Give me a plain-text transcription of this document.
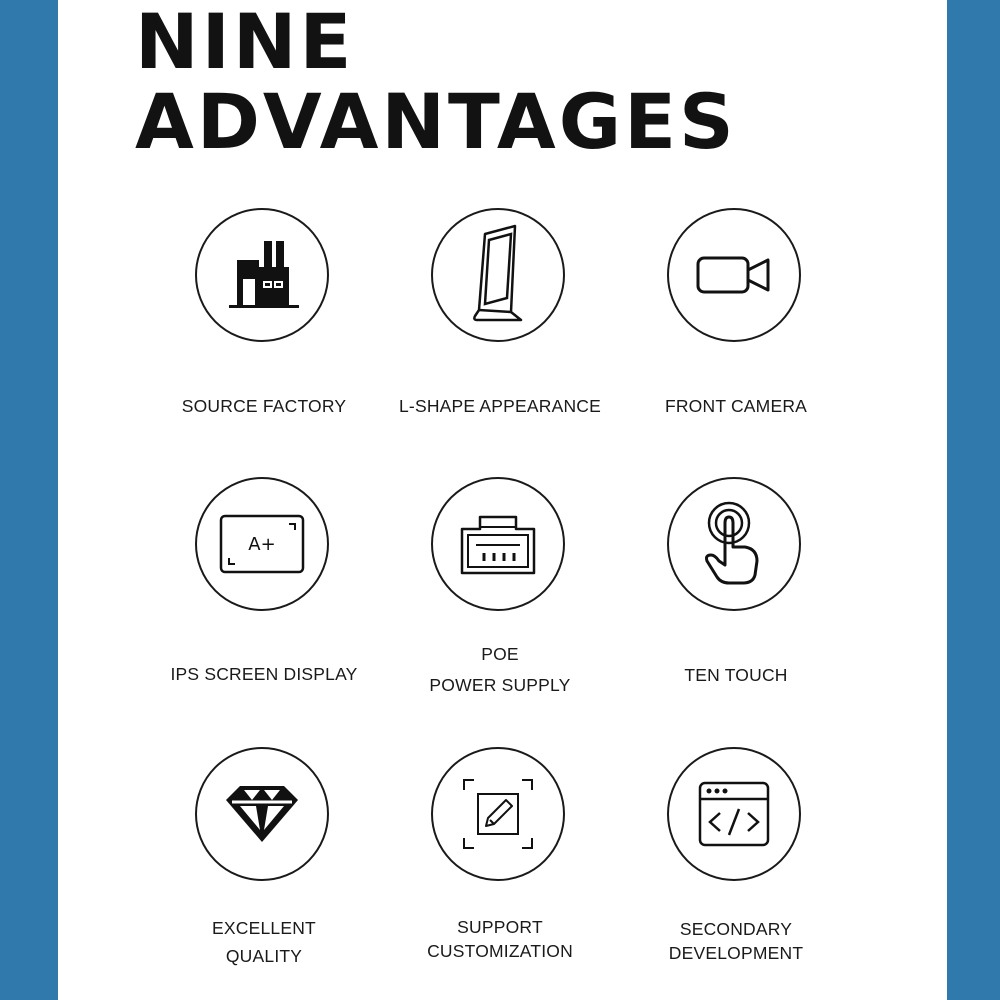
NINE
ADVANTAGES
SOURCE FACTORY	L-SHAPE APPEARANCE	FRONT CAMERA
A+
IPS SCREEN DISPLAY
POE
POWER SUPPLY	TEN TOUCH
EXCELLENT
QUALITY
SUPPORT
CUSTOMIZATION
SECONDARY
DEVELOPMENT
